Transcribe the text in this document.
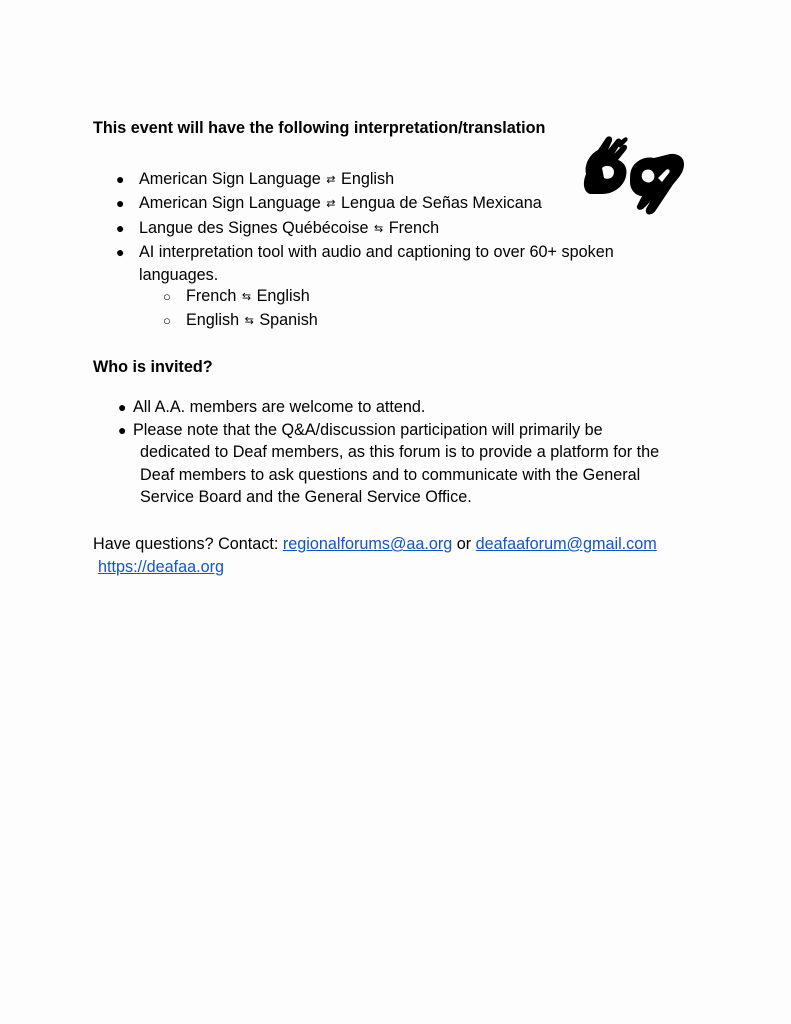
This event will have the following interpretation/translation
● American Sign Language ⇄ English
● American Sign Language ⇄ Lengua de Señas Mexicana
● Langue des Signes Québécoise ⇆ French
● AI interpretation tool with audio and captioning to over 60+ spoken
languages.
○ French ⇆ English
○ English ⇆ Spanish
Who is invited?
● All A.A. members are welcome to attend.
● Please note that the Q&A/discussion participation will primarily be
dedicated to Deaf members, as this forum is to provide a platform for the
Deaf members to ask questions and to communicate with the General
Service Board and the General Service Office.
Have questions? Contact: regionalforums@aa.org or deafaaforum@gmail.com
https://deafaa.org
